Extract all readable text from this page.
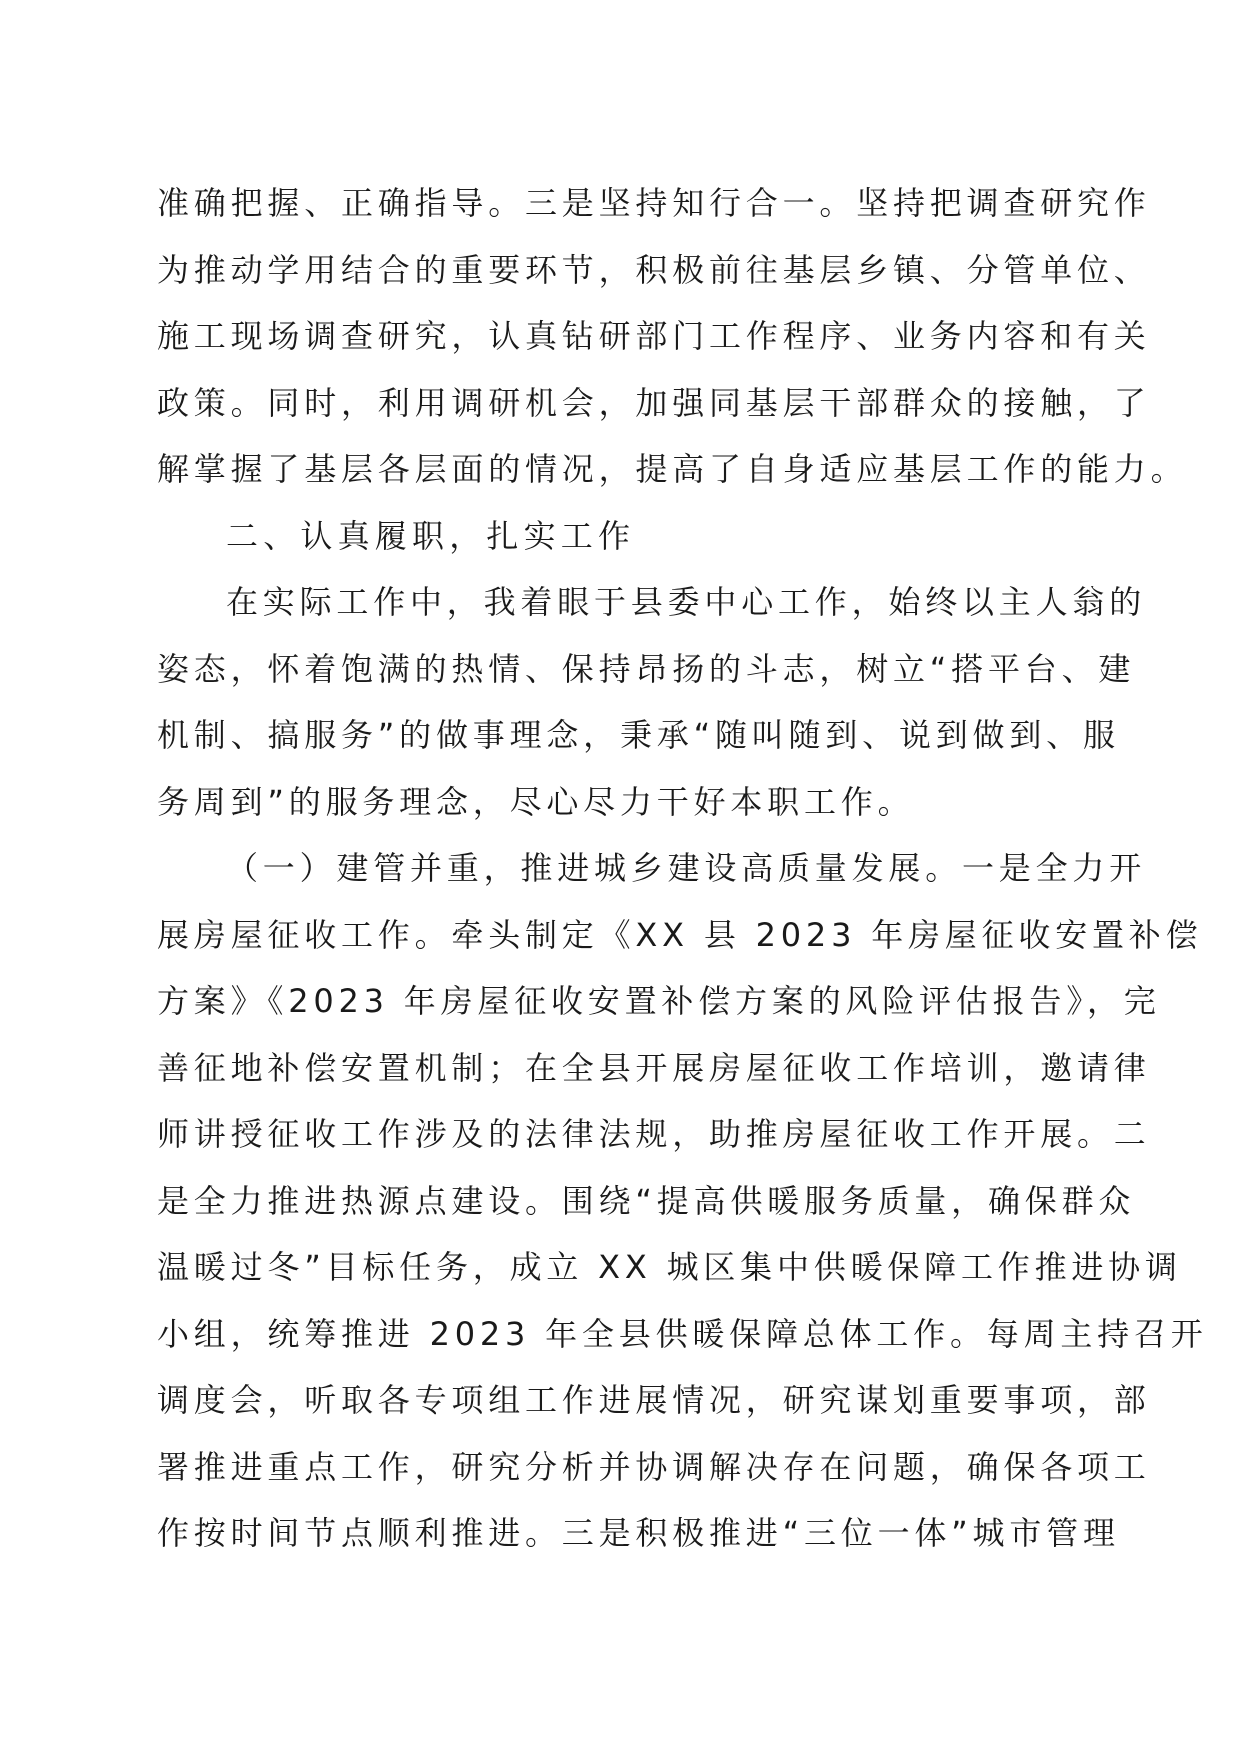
准确把握、正确指导。三是坚持知行合一。坚持把调查研究作
为推动学用结合的重要环节，积极前往基层乡镇、分管单位、
施工现场调查研究，认真钻研部门工作程序、业务内容和有关
政策。同时，利用调研机会，加强同基层干部群众的接触，了
解掌握了基层各层面的情况，提高了自身适应基层工作的能力。
二、认真履职，扎实工作
在实际工作中，我着眼于县委中心工作，始终以主人翁的
姿态，怀着饱满的热情、保持昂扬的斗志，树立“搭平台、建
机制、搞服务”的做事理念，秉承“随叫随到、说到做到、服
务周到”的服务理念，尽心尽力干好本职工作。
（一）建管并重，推进城乡建设高质量发展。一是全力开
展房屋征收工作。牵头制定《XX 县 2023 年房屋征收安置补偿
方案》《2023 年房屋征收安置补偿方案的风险评估报告》，完
善征地补偿安置机制；在全县开展房屋征收工作培训，邀请律
师讲授征收工作涉及的法律法规，助推房屋征收工作开展。二
是全力推进热源点建设。围绕“提高供暖服务质量，确保群众
温暖过冬”目标任务，成立 XX 城区集中供暖保障工作推进协调
小组，统筹推进 2023 年全县供暖保障总体工作。每周主持召开
调度会，听取各专项组工作进展情况，研究谋划重要事项，部
署推进重点工作，研究分析并协调解决存在问题，确保各项工
作按时间节点顺利推进。三是积极推进“三位一体”城市管理
